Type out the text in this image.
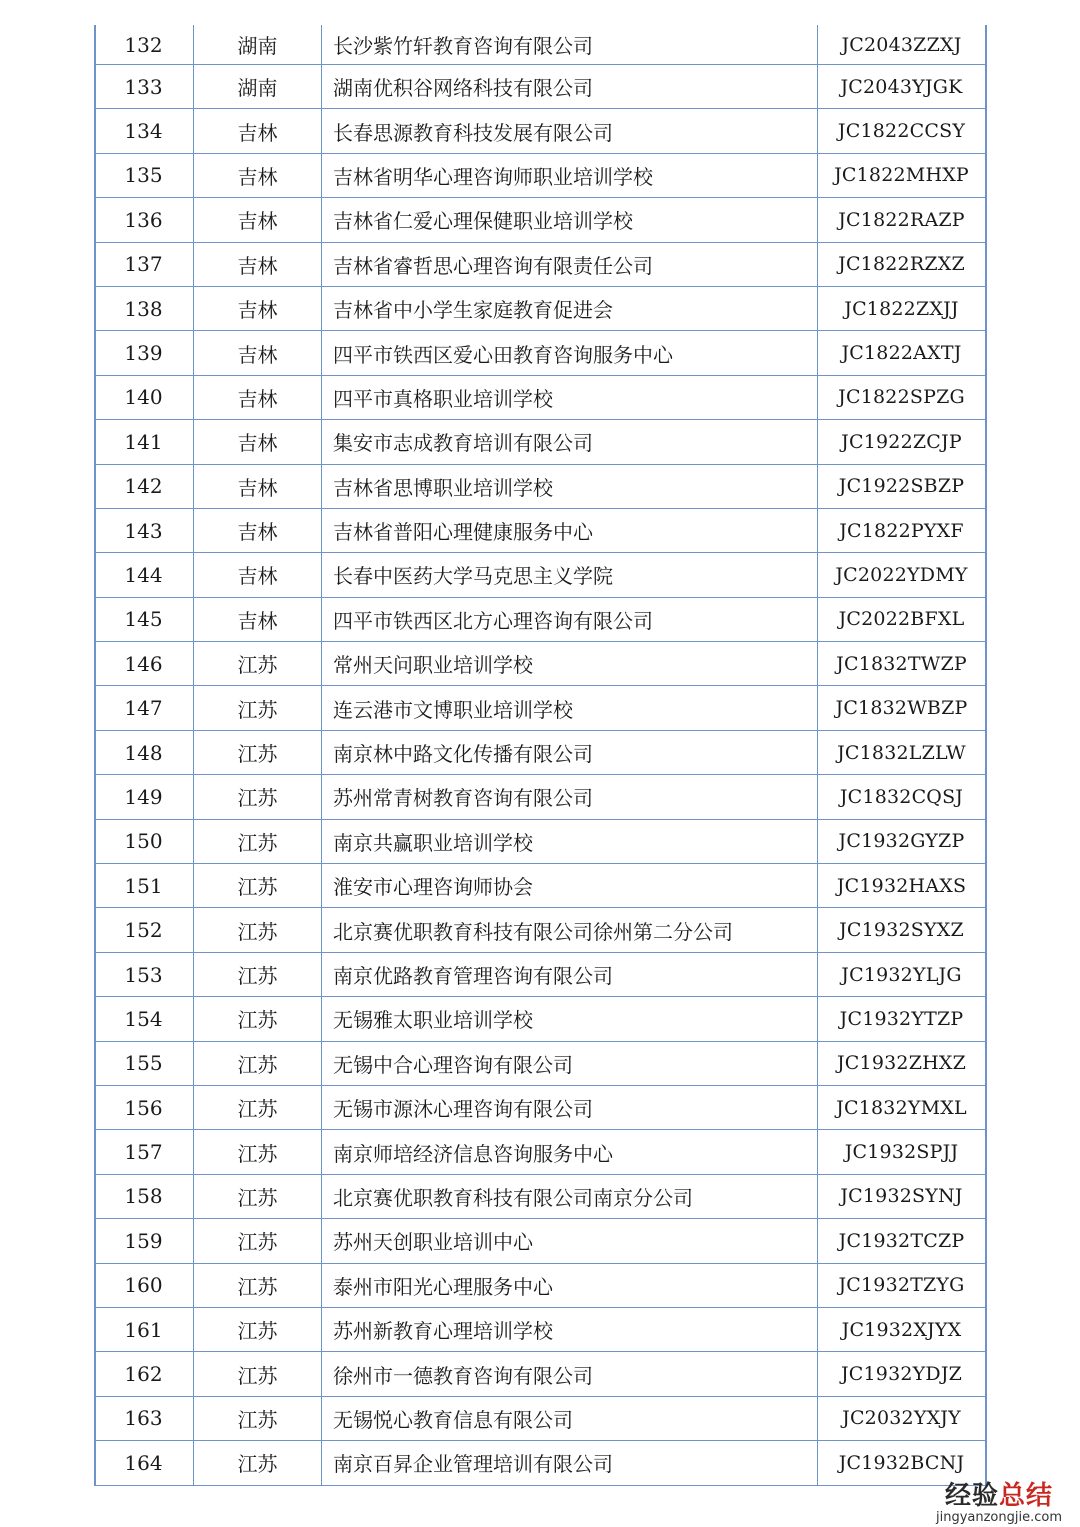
132	湖南	长沙紫竹轩教育咨询有限公司	JC2043ZZXJ
133	湖南	湖南优积谷网络科技有限公司	JC2043YJGK
134	吉林	长春思源教育科技发展有限公司	JC1822CCSY
135	吉林	吉林省明华心理咨询师职业培训学校	JC1822MHXP
136	吉林	吉林省仁爱心理保健职业培训学校	JC1822RAZP
137	吉林	吉林省睿哲思心理咨询有限责任公司	JC1822RZXZ
138	吉林	吉林省中小学生家庭教育促进会	JC1822ZXJJ
139	吉林	四平市铁西区爱心田教育咨询服务中心	JC1822AXTJ
140	吉林	四平市真格职业培训学校	JC1822SPZG
141	吉林	集安市志成教育培训有限公司	JC1922ZCJP
142	吉林	吉林省思博职业培训学校	JC1922SBZP
143	吉林	吉林省普阳心理健康服务中心	JC1822PYXF
144	吉林	长春中医药大学马克思主义学院	JC2022YDMY
145	吉林	四平市铁西区北方心理咨询有限公司	JC2022BFXL
146	江苏	常州天问职业培训学校	JC1832TWZP
147	江苏	连云港市文博职业培训学校	JC1832WBZP
148	江苏	南京林中路文化传播有限公司	JC1832LZLW
149	江苏	苏州常青树教育咨询有限公司	JC1832CQSJ
150	江苏	南京共赢职业培训学校	JC1932GYZP
151	江苏	淮安市心理咨询师协会	JC1932HAXS
152	江苏	北京赛优职教育科技有限公司徐州第二分公司	JC1932SYXZ
153	江苏	南京优路教育管理咨询有限公司	JC1932YLJG
154	江苏	无锡雅太职业培训学校	JC1932YTZP
155	江苏	无锡中合心理咨询有限公司	JC1932ZHXZ
156	江苏	无锡市源沐心理咨询有限公司	JC1832YMXL
157	江苏	南京师培经济信息咨询服务中心	JC1932SPJJ
158	江苏	北京赛优职教育科技有限公司南京分公司	JC1932SYNJ
159	江苏	苏州天创职业培训中心	JC1932TCZP
160	江苏	泰州市阳光心理服务中心	JC1932TZYG
161	江苏	苏州新教育心理培训学校	JC1932XJYX
162	江苏	徐州市一德教育咨询有限公司	JC1932YDJZ
163	江苏	无锡悦心教育信息有限公司	JC2032YXJY
164	江苏	南京百昇企业管理培训有限公司	JC1932BCNJ
经验总结
jingyanzongjie.com
